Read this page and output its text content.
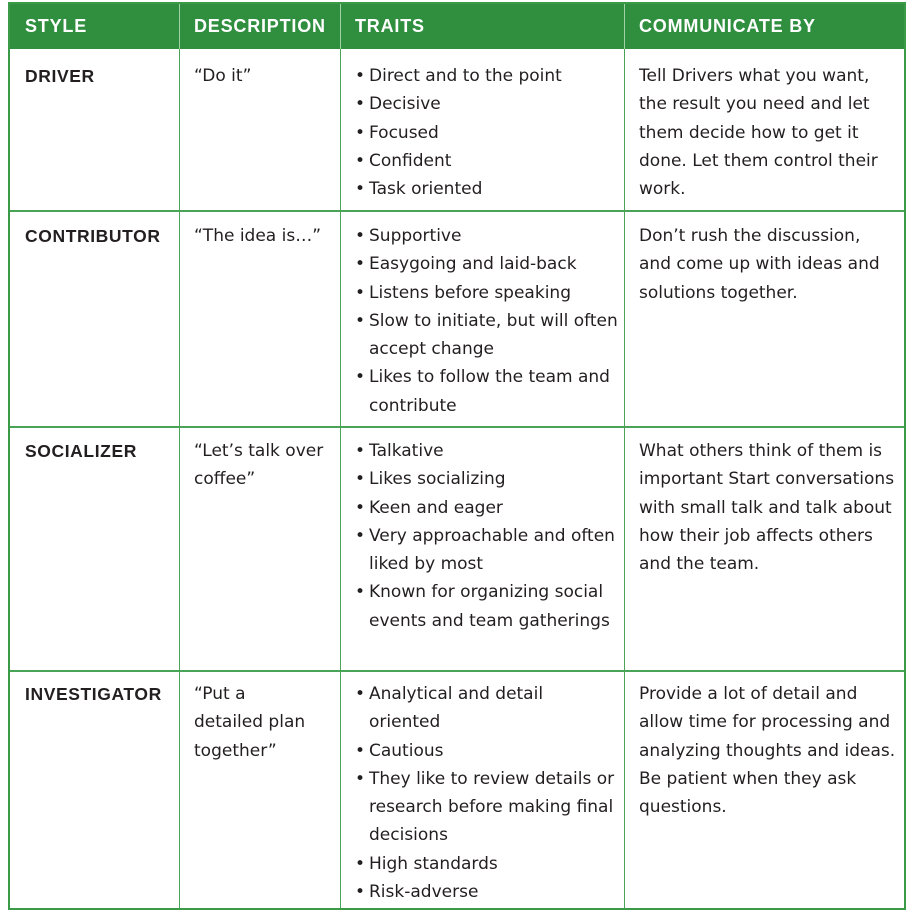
STYLE	DESCRIPTION	TRAITS	COMMUNICATE BY
DRIVER	“Do it”	• Direct and to the point
• Decisive
• Focused
• Confident
• Task oriented
Tell Drivers what you want, the result you need and let them decide how to get it done. Let them control their work.
CONTRIBUTOR	“The idea is…”	• Supportive
• Easygoing and laid-back
• Listens before speaking
• Slow to initiate, but will often accept change
• Likes to follow the team and contribute
Don’t rush the discussion, and come up with ideas and solutions together.
SOCIALIZER	“Let’s talk over coffee”
• Talkative
• Likes socializing
• Keen and eager
• Very approachable and often liked by most
• Known for organizing social events and team gatherings
What others think of them is important Start conversations with small talk and talk about how their job affects others and the team.
INVESTIGATOR	“Put a detailed plan together”
• Analytical and detail oriented
• Cautious
• They like to review details or research before making final decisions
• High standards
• Risk-adverse
Provide a lot of detail and allow time for processing and analyzing thoughts and ideas. Be patient when they ask questions.
